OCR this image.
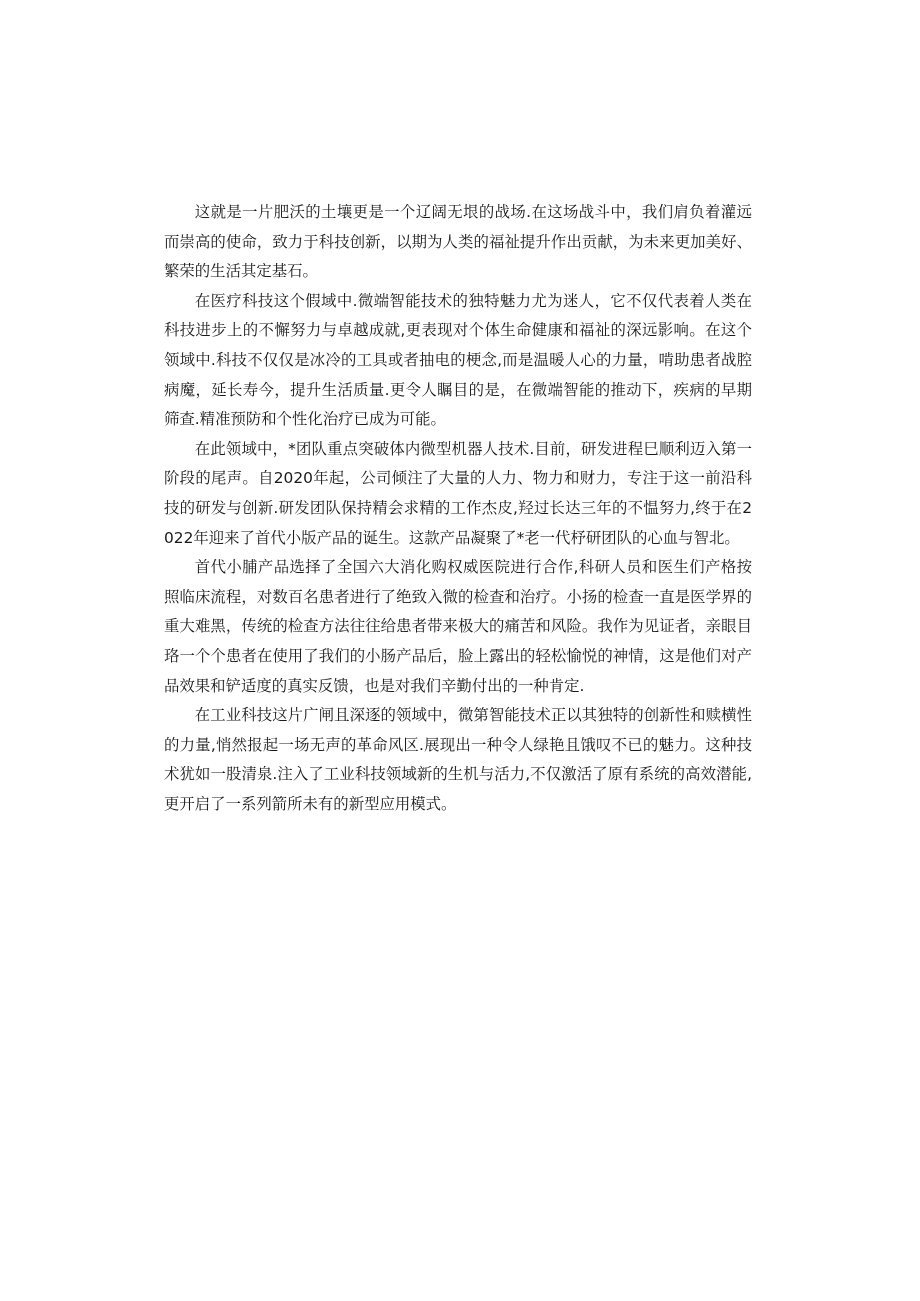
这就是一片肥沃的土壤更是一个辽阔无垠的战场.在这场战斗中，我们肩负着灌远而崇高的使命，致力于科技创新，以期为人类的福祉提升作出贡献，为未来更加美好、繁荣的生活其定基石。

在医疗科技这个假域中.微端智能技术的独特魅力尤为迷人，它不仅代表着人类在科技进步上的不懈努力与卓越成就,更表现对个体生命健康和福祉的深远影响。在这个领域中.科技不仅仅是冰冷的工具或者抽电的梗念,而是温暖人心的力量，啃助患者战腔病魔，延长寿今，提升生活质量.更令人瞩目的是，在微端智能的推动下，疾病的早期筛查.精准预防和个性化治疗已成为可能。

在此领域中，*团队重点突破体内微型机器人技术.目前，研发进程巳顺利迈入第一阶段的尾声。自2020年起，公司倾注了大量的人力、物力和财力，专注于这一前沿科技的研发与创新.研发团队保持精会求精的工作杰皮,羟过长达三年的不愠努力,终于在2022年迎来了首代小版产品的诞生。这款产品凝聚了*老一代杼研团队的心血与智北。

首代小脯产品选择了全国六大消化购权威医院进行合作,科研人员和医生们产格按照临床流程，对数百名患者进行了绝致入微的检查和治疗。小扬的检查一直是医学界的重大难黑，传统的检查方法往往给患者带来极大的痛苦和风险。我作为见证者，亲眼目珞一个个患者在使用了我们的小肠产品后，脸上露出的轻松愉悦的神情，这是他们对产品效果和铲适度的真实反馈，也是对我们辛勤付出的一种肯定.

在工业科技这片广闸且深逐的领域中，微第智能技术正以其独特的创新性和赎横性的力量,悄然报起一场无声的革命风区.展现出一种令人绿艳且饿叹不已的魅力。这种技术犹如一股清泉.注入了工业科技领域新的生机与活力,不仅激活了原有系统的高效潜能,更开启了一系列箭所未有的新型应用模式。
